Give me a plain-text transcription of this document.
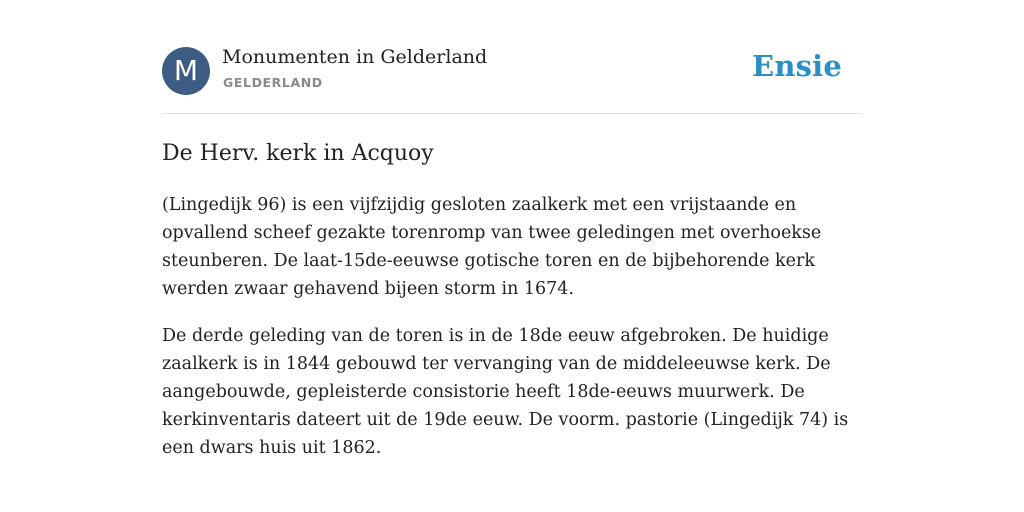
M	Monumenten in Gelderland
GELDERLAND	Ensie
De Herv. kerk in Acquoy

(Lingedijk 96) is een vijfzijdig gesloten zaalkerk met een vrijstaande en opvallend scheef gezakte torenromp van twee geledingen met overhoekse steunberen. De laat-15de-eeuwse gotische toren en de bijbehorende kerk werden zwaar gehavend bijeen storm in 1674.

De derde geleding van de toren is in de 18de eeuw afgebroken. De huidige zaalkerk is in 1844 gebouwd ter vervanging van de middeleeuwse kerk. De aangebouwde, gepleisterde consistorie heeft 18de-eeuws muurwerk. De kerkinventaris dateert uit de 19de eeuw. De voorm. pastorie (Lingedijk 74) is een dwars huis uit 1862.
